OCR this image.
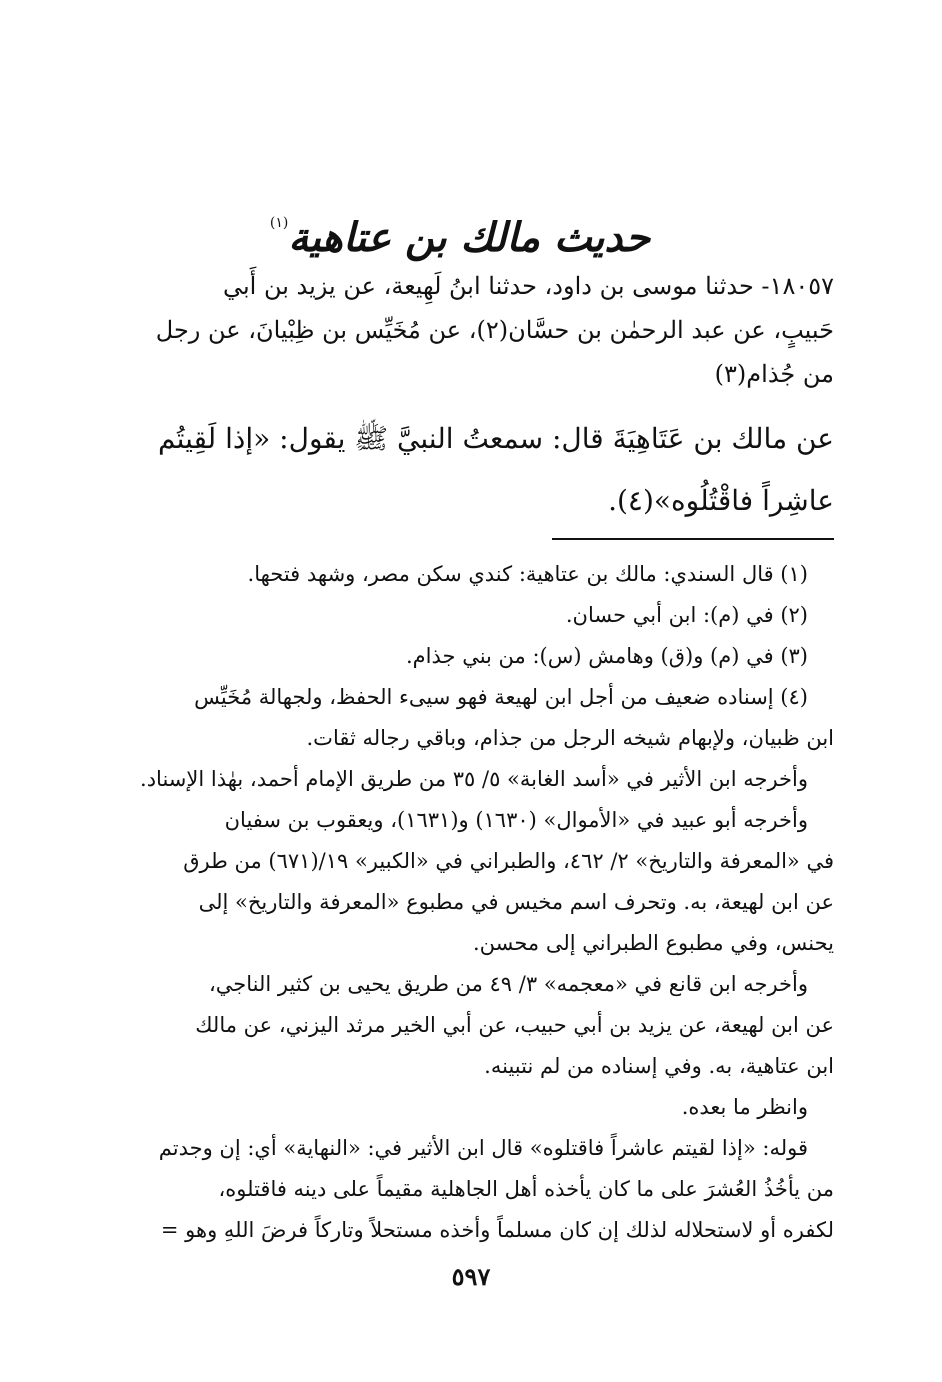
حديث مالك بن عتاهية$^{(١)}$
١٨٠٥٧- حدثنا موسى بن داود، حدثنا ابنُ لَهِيعة، عن يزيد بن أَبي
حَبيبٍ، عن عبد الرحمٰن بن حسَّان(٢)، عن مُخَيِّس بن ظِبْيانَ، عن رجل
من جُذام(٣)
عن مالك بن عَتَاهِيَةَ قال: سمعتُ النبيَّ ﷺ يقول: «إذا لَقِيتُم
عاشِراً فاقْتُلُوه»(٤).
(١) قال السندي: مالك بن عتاهية: كندي سكن مصر، وشهد فتحها.
(٢) في (م): ابن أبي حسان.
(٣) في (م) و(ق) وهامش (س): من بني جذام.
(٤) إسناده ضعيف من أجل ابن لهيعة فهو سيىء الحفظ، ولجهالة مُخَيِّس
ابن ظبيان، ولإبهام شيخه الرجل من جذام، وباقي رجاله ثقات.
وأخرجه ابن الأثير في «أسد الغابة» ٥/ ٣٥ من طريق الإمام أحمد، بهٰذا الإسناد.
وأخرجه أبو عبيد في «الأموال» (١٦٣٠) و(١٦٣١)، ويعقوب بن سفيان
في «المعرفة والتاريخ» ٢/ ٤٦٢، والطبراني في «الكبير» ١٩/(٦٧١) من طرق
عن ابن لهيعة، به. وتحرف اسم مخيس في مطبوع «المعرفة والتاريخ» إلى
يحنس، وفي مطبوع الطبراني إلى محسن.
وأخرجه ابن قانع في «معجمه» ٣/ ٤٩ من طريق يحيى بن كثير الناجي،
عن ابن لهيعة، عن يزيد بن أبي حبيب، عن أبي الخير مرثد اليزني، عن مالك
ابن عتاهية، به. وفي إسناده من لم نتبينه.
وانظر ما بعده.
قوله: «إذا لقيتم عاشراً فاقتلوه» قال ابن الأثير في: «النهاية» أي: إن وجدتم
من يأخُذُ العُشرَ على ما كان يأخذه أهل الجاهلية مقيماً على دينه فاقتلوه،
لكفره أو لاستحلاله لذلك إن كان مسلماً وأخذه مستحلاً وتاركاً فرضَ اللهِ وهو =
٥٩٧
